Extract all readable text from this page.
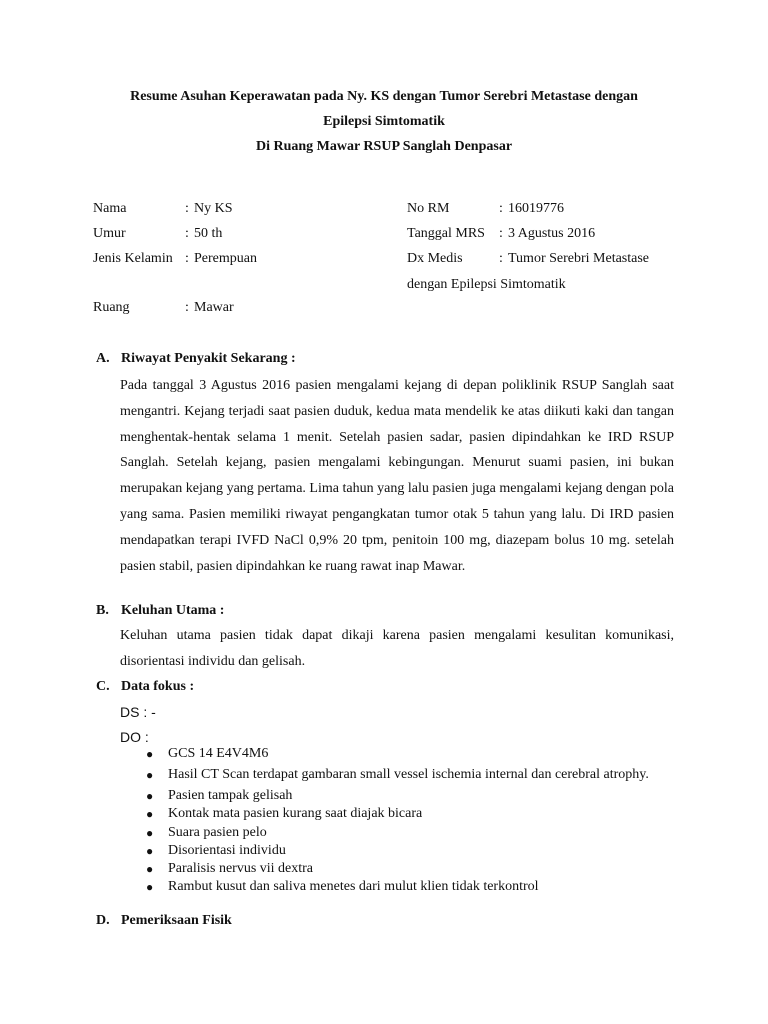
Resume Asuhan Keperawatan pada Ny. KS dengan Tumor Serebri Metastase dengan
Epilepsi Simtomatik
Di Ruang Mawar RSUP Sanglah Denpasar
Nama	: Ny KS
Umur	: 50 th
Jenis Kelamin : Perempuan
Ruang	: Mawar
No RM	: 16019776
Tanggal MRS : 3 Agustus 2016
Dx Medis	: Tumor Serebri Metastase
dengan Epilepsi Simtomatik
A. Riwayat Penyakit Sekarang :
Pada tanggal 3 Agustus 2016 pasien mengalami kejang di depan poliklinik RSUP Sanglah saat mengantri. Kejang terjadi saat pasien duduk, kedua mata mendelik ke atas diikuti kaki dan tangan menghentak-hentak selama 1 menit. Setelah pasien sadar, pasien dipindahkan ke IRD RSUP Sanglah. Setelah kejang, pasien mengalami kebingungan. Menurut suami pasien, ini bukan merupakan kejang yang pertama. Lima tahun yang lalu pasien juga mengalami kejang dengan pola yang sama. Pasien memiliki riwayat pengangkatan tumor otak 5 tahun yang lalu. Di IRD pasien mendapatkan terapi IVFD NaCl 0,9% 20 tpm, penitoin 100 mg, diazepam bolus 10 mg. setelah pasien stabil, pasien dipindahkan ke ruang rawat inap Mawar.
B. Keluhan Utama :
Keluhan utama pasien tidak dapat dikaji karena pasien mengalami kesulitan komunikasi, disorientasi individu dan gelisah.
C. Data fokus :
DS : -
DO :
● GCS 14 E4V4M6
● Hasil CT Scan terdapat gambaran small vessel ischemia internal dan cerebral atrophy.
● Pasien tampak gelisah
● Kontak mata pasien kurang saat diajak bicara
● Suara pasien pelo
● Disorientasi individu
● Paralisis nervus vii dextra
● Rambut kusut dan saliva menetes dari mulut klien tidak terkontrol
D. Pemeriksaan Fisik
